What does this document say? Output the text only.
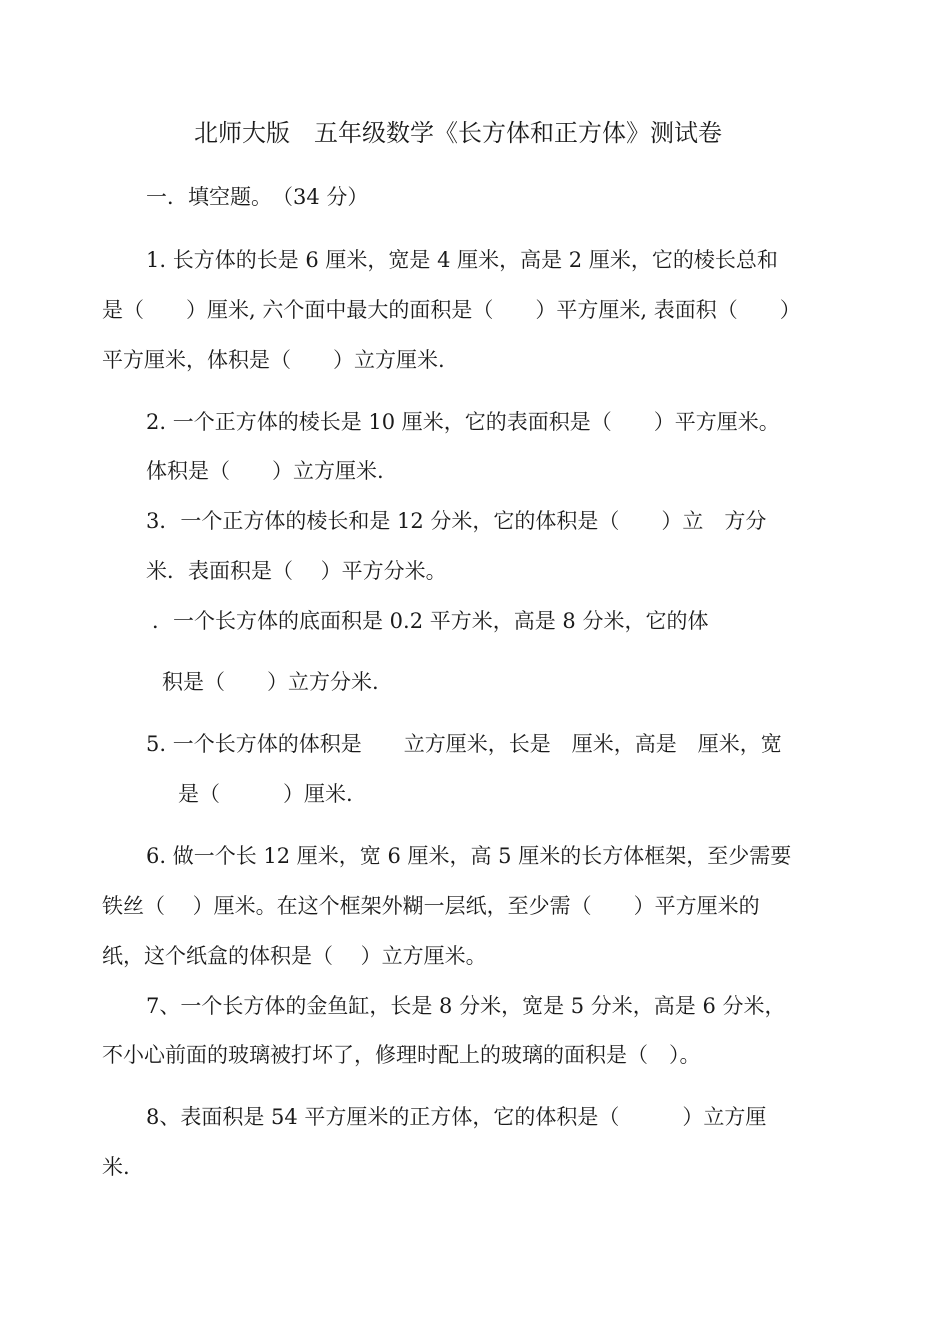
北师大版　五年级数学《长方体和正方体》测试卷
一．填空题。　（34 分）
1. 长方体的长是 6 厘米，宽是 4 厘米，高是 2 厘米，它的棱长总和
是（　　）厘米, 六个面中最大的面积是（　　）平方厘米, 表面积（　　）
平方厘米，体积是（　　）立方厘米.
2. 一个正方体的棱长是 10 厘米，它的表面积是（　　）平方厘米。
体积是（　　）立方厘米.
3．一个正方体的棱长和是 12 分米，它的体积是（　　）立　方分
米．表面积是（　 ）平方分米。
．一个长方体的底面积是 0.2 平方米，高是 8 分米，它的体
积是（　　）立方分米.
5. 一个长方体的体积是　　立方厘米，长是　厘米，高是　厘米，宽
是（　　　）厘米.
6. 做一个长 12 厘米，宽 6 厘米，高 5 厘米的长方体框架，至少需要
铁丝（　 ）厘米。在这个框架外糊一层纸，至少需（　　）平方厘米的
纸，这个纸盒的体积是（　 ）立方厘米。
7、一个长方体的金鱼缸，长是 8 分米，宽是 5 分米，高是 6 分米，
不小心前面的玻璃被打坏了，修理时配上的玻璃的面积是（　）。
8、表面积是 54 平方厘米的正方体，它的体积是（　　　）立方厘
米.
